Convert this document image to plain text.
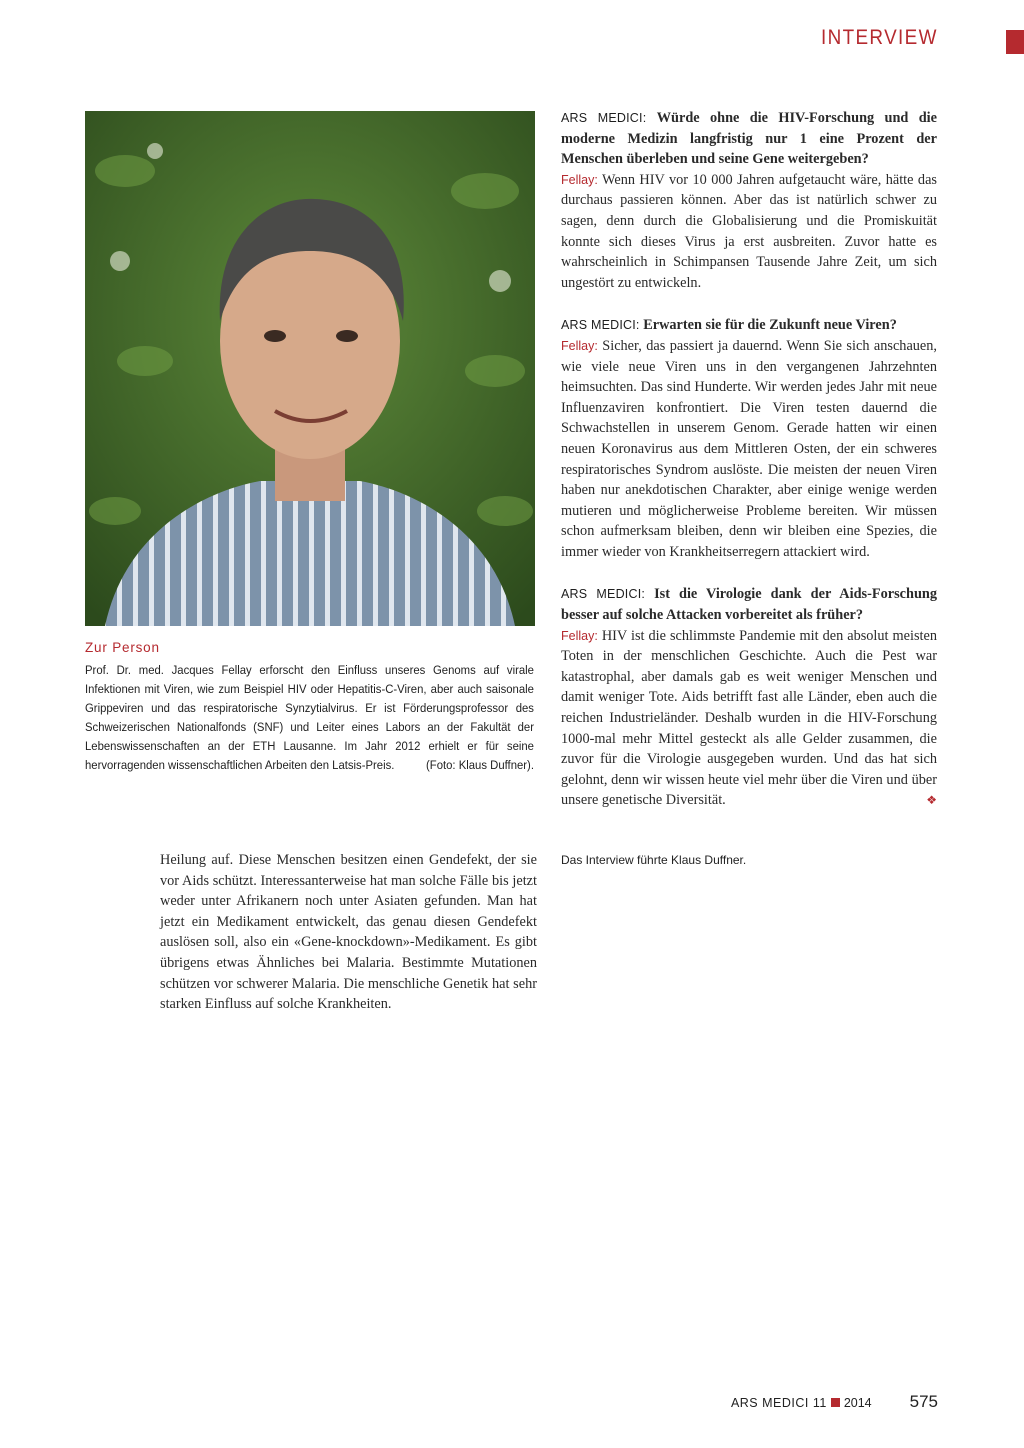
INTERVIEW
Zur Person
Prof. Dr. med. Jacques Fellay erforscht den Einfluss unseres Genoms auf virale Infektionen mit Viren, wie zum Beispiel HIV oder Hepatitis-C-Viren, aber auch saisonale Grippeviren und das respiratorische Synzytialvirus. Er ist Förderungsprofessor des Schweizerischen Nationalfonds (SNF) und Leiter eines Labors an der Fakultät der Lebenswissenschaften an der ETH Lausanne. Im Jahr 2012 erhielt er für seine hervorragenden wissenschaftlichen Arbeiten den Latsis-Preis.	(Foto: Klaus Duffner).
ARS MEDICI: Würde ohne die HIV-Forschung und die moderne Medizin langfristig nur 1 eine Prozent der Menschen überleben und seine Gene weitergeben?
Fellay: Wenn HIV vor 10 000 Jahren aufgetaucht wäre, hätte das durchaus passieren können. Aber das ist natürlich schwer zu sagen, denn durch die Globalisierung und die Promiskuität konnte sich dieses Virus ja erst ausbreiten. Zuvor hatte es wahrscheinlich in Schimpansen Tausende Jahre Zeit, um sich ungestört zu entwickeln.
ARS MEDICI: Erwarten sie für die Zukunft neue Viren?
Fellay: Sicher, das passiert ja dauernd. Wenn Sie sich anschauen, wie viele neue Viren uns in den vergangenen Jahrzehnten heimsuchten. Das sind Hunderte. Wir werden jedes Jahr mit neue Influenzaviren konfrontiert. Die Viren testen dauernd die Schwachstellen in unserem Genom. Gerade hatten wir einen neuen Koronavirus aus dem Mittleren Osten, der ein schweres respiratorisches Syndrom auslöste. Die meisten der neuen Viren haben nur anekdotischen Charakter, aber einige wenige werden mutieren und möglicherweise Probleme bereiten. Wir müssen schon aufmerksam bleiben, denn wir bleiben eine Spezies, die immer wieder von Krankheitserregern attackiert wird.
ARS MEDICI: Ist die Virologie dank der Aids-Forschung besser auf solche Attacken vorbereitet als früher?
Fellay: HIV ist die schlimmste Pandemie mit den absolut meisten Toten in der menschlichen Geschichte. Auch die Pest war katastrophal, aber damals gab es weit weniger Menschen und damit weniger Tote. Aids betrifft fast alle Länder, eben auch die reichen Industrieländer. Deshalb wurden in die HIV-Forschung 1000-mal mehr Mittel gesteckt als alle Gelder zusammen, die zuvor für die Virologie ausgegeben wurden. Und das hat sich gelohnt, denn wir wissen heute viel mehr über die Viren und über unsere genetische Diversität.	❖
Das Interview führte Klaus Duffner.
Heilung auf. Diese Menschen besitzen einen Gendefekt, der sie vor Aids schützt. Interessanterweise hat man solche Fälle bis jetzt weder unter Afrikanern noch unter Asiaten gefunden. Man hat jetzt ein Medikament entwickelt, das genau diesen Gendefekt auslösen soll, also ein «Gene-knockdown»-Medikament. Es gibt übrigens etwas Ähnliches bei Malaria. Bestimmte Mutationen schützen vor schwerer Malaria. Die menschliche Genetik hat sehr starken Einfluss auf solche Krankheiten.
ARS MEDICI 11 2014 575
